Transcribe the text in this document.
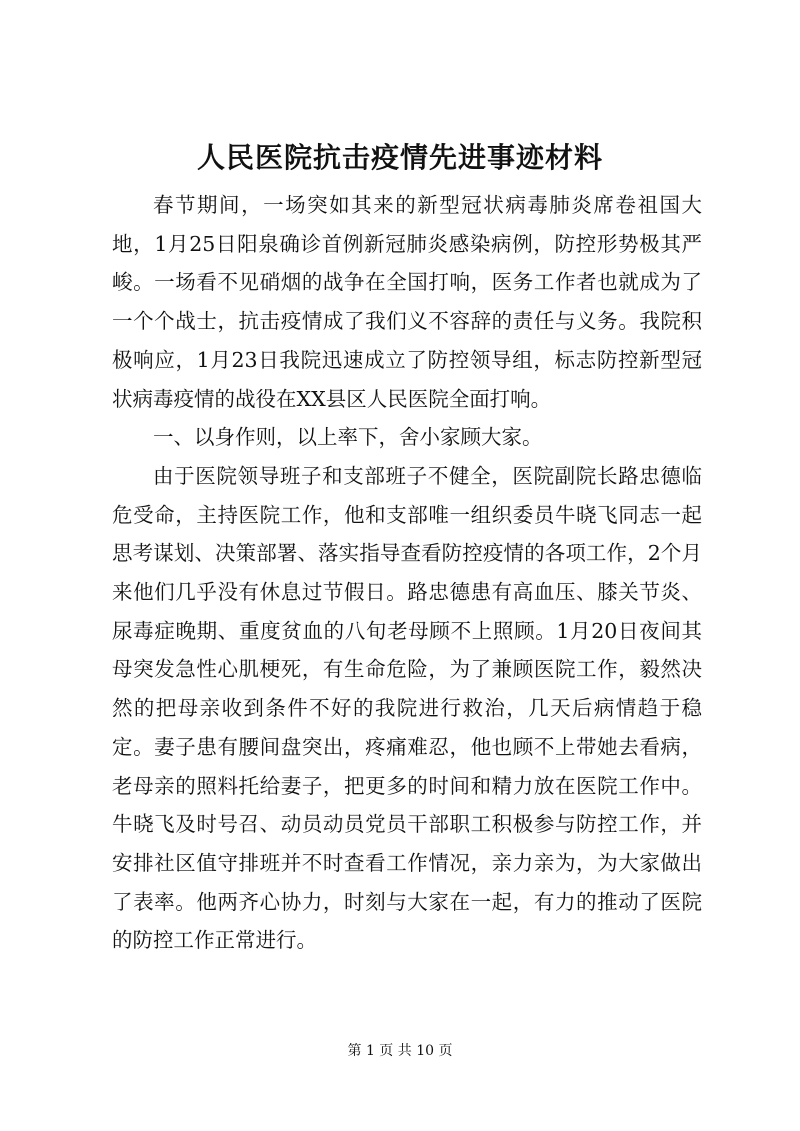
人民医院抗击疫情先进事迹材料

春节期间，一场突如其来的新型冠状病毒肺炎席卷祖国大地，1月25日阳泉确诊首例新冠肺炎感染病例，防控形势极其严峻。一场看不见硝烟的战争在全国打响，医务工作者也就成为了一个个战士，抗击疫情成了我们义不容辞的责任与义务。我院积极响应，1月23日我院迅速成立了防控领导组，标志防控新型冠状病毒疫情的战役在XX县区人民医院全面打响。

一、以身作则，以上率下，舍小家顾大家。

由于医院领导班子和支部班子不健全，医院副院长路忠德临危受命，主持医院工作，他和支部唯一组织委员牛晓飞同志一起思考谋划、决策部署、落实指导查看防控疫情的各项工作，2个月来他们几乎没有休息过节假日。路忠德患有高血压、膝关节炎、尿毒症晚期、重度贫血的八旬老母顾不上照顾。1月20日夜间其母突发急性心肌梗死，有生命危险，为了兼顾医院工作，毅然决然的把母亲收到条件不好的我院进行救治，几天后病情趋于稳定。妻子患有腰间盘突出，疼痛难忍，他也顾不上带她去看病，老母亲的照料托给妻子，把更多的时间和精力放在医院工作中。牛晓飞及时号召、动员动员党员干部职工积极参与防控工作，并安排社区值守排班并不时查看工作情况，亲力亲为，为大家做出了表率。他两齐心协力，时刻与大家在一起，有力的推动了医院的防控工作正常进行。

第 1 页 共 10 页
